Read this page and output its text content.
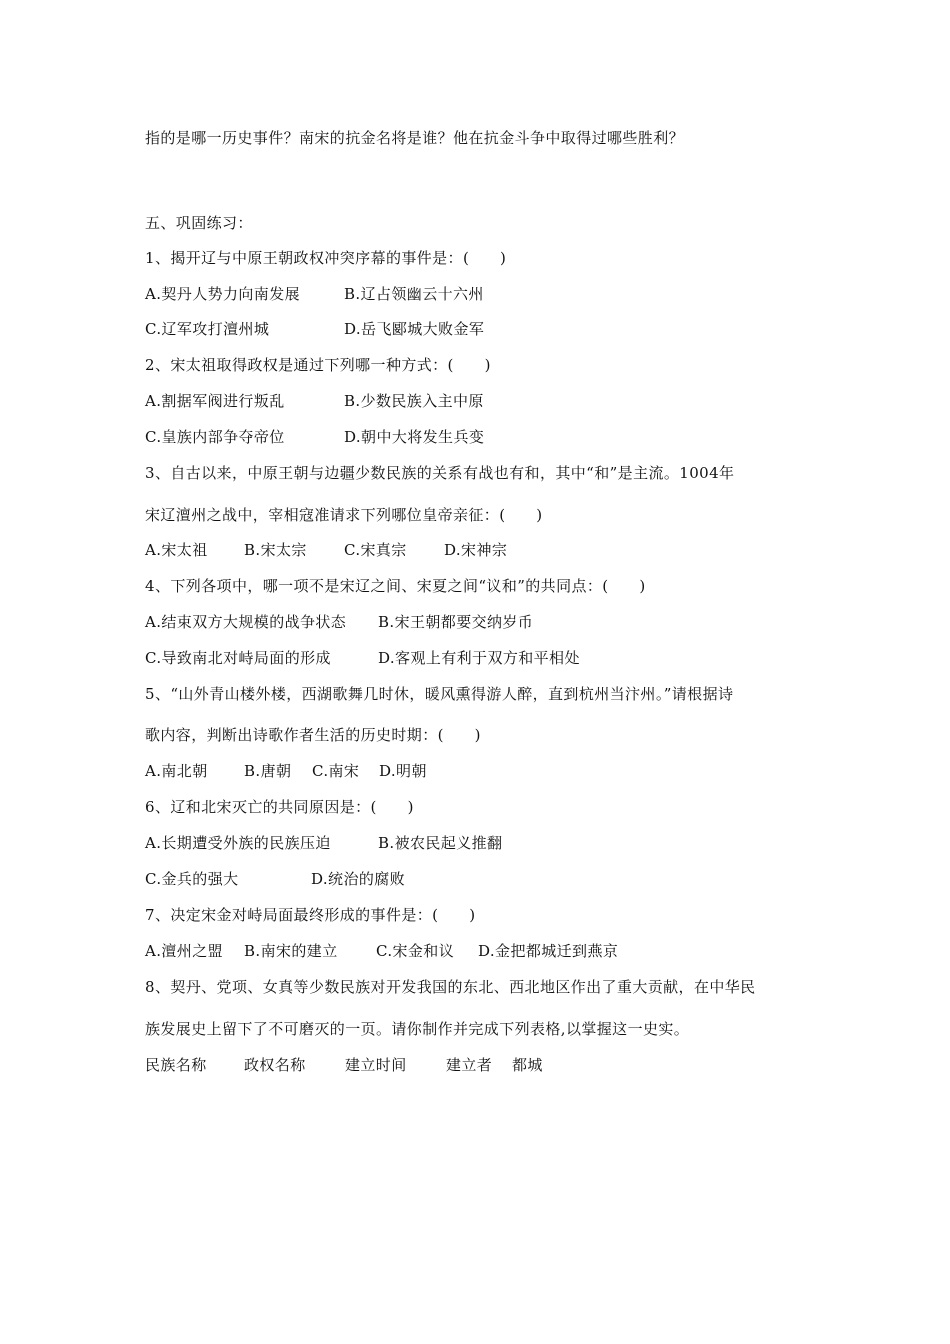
指的是哪一历史事件？南宋的抗金名将是谁？他在抗金斗争中取得过哪些胜利？
五、巩固练习：
1、揭开辽与中原王朝政权冲突序幕的事件是：(　　)
A.契丹人势力向南发展	B.辽占领幽云十六州
C.辽军攻打澶州城	D.岳飞郾城大败金军
2、宋太祖取得政权是通过下列哪一种方式：(　　)
A.割据军阀进行叛乱	B.少数民族入主中原
C.皇族内部争夺帝位	D.朝中大将发生兵变
3、自古以来，中原王朝与边疆少数民族的关系有战也有和，其中“和”是主流。1004年
宋辽澶州之战中，宰相寇准请求下列哪位皇帝亲征：(　　)
A.宋太祖 B.宋太宗 C.宋真宗 D.宋神宗
4、下列各项中，哪一项不是宋辽之间、宋夏之间“议和”的共同点：(　　)
A.结束双方大规模的战争状态 B.宋王朝都要交纳岁币
C.导致南北对峙局面的形成	D.客观上有利于双方和平相处
5、“山外青山楼外楼，西湖歌舞几时休，暖风熏得游人醉，直到杭州当汴州。”请根据诗
歌内容，判断出诗歌作者生活的历史时期：(　　)
A.南北朝 B.唐朝 C.南宋 D.明朝
6、辽和北宋灭亡的共同原因是：(　　)
A.长期遭受外族的民族压迫	B.被农民起义推翻
C.金兵的强大	D.统治的腐败
7、决定宋金对峙局面最终形成的事件是：(　　)
A.澶州之盟 B.南宋的建立	C.宋金和议 D.金把都城迁到燕京
8、契丹、党项、女真等少数民族对开发我国的东北、西北地区作出了重大贡献，在中华民
族发展史上留下了不可磨灭的一页。请你制作并完成下列表格,以掌握这一史实。
民族名称 政权名称	建立时间	建立者 都城
